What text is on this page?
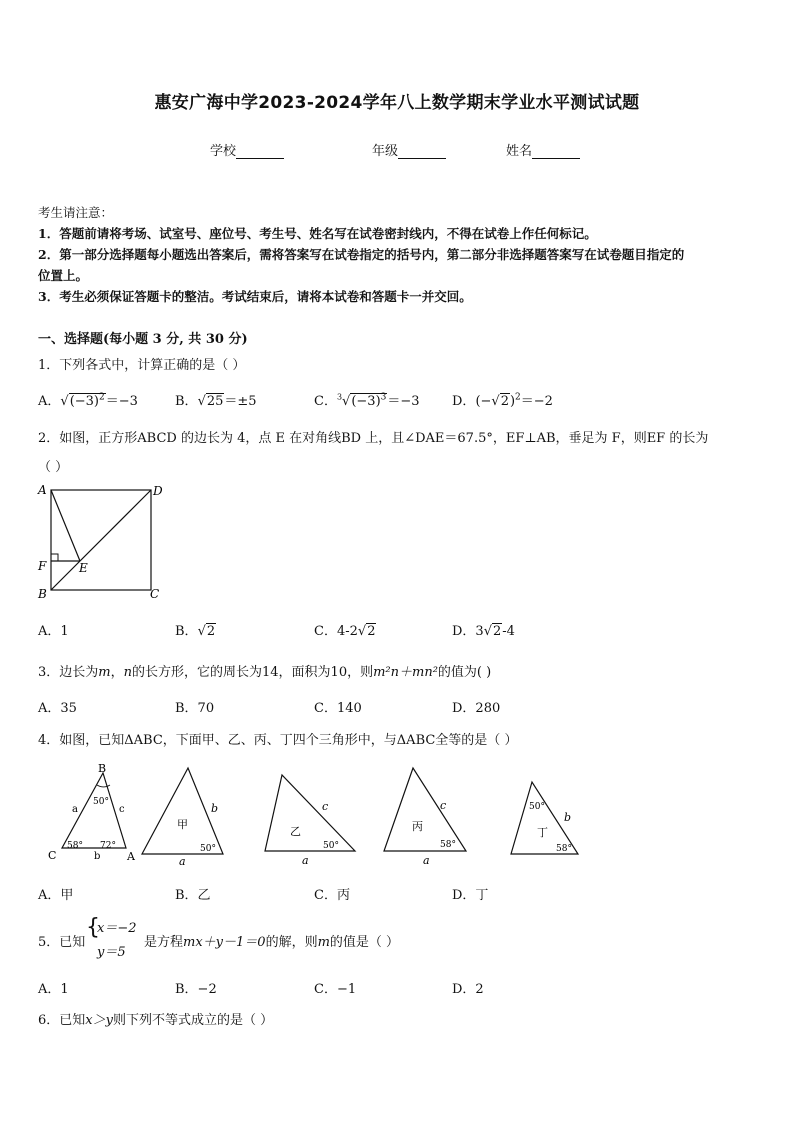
惠安广海中学2023-2024学年八上数学期末学业水平测试试题
学校	年级	姓名
考生请注意：
1．答题前请将考场、试室号、座位号、考生号、姓名写在试卷密封线内，不得在试卷上作任何标记。
2．第一部分选择题每小题选出答案后，需将答案写在试卷指定的括号内，第二部分非选择题答案写在试卷题目指定的
位置上。
3．考生必须保证答题卡的整洁。考试结束后，请将本试卷和答题卡一并交回。
一、选择题(每小题 3 分, 共 30 分)
1．下列各式中，计算正确的是（ ）
A．$√(-3)^2=-3$	B．√25＝±5	C．$^3√(-3)^3=-3$ D．$(-√2)^2=-2$
2．如图，正方形ABCD 的边长为 4，点 E 在对角线BD 上，且∠DAE＝67.5°，EF⊥AB，垂足为 F，则EF 的长为
（ ）
A	D
F	E
B	C
A．1	B．√2	C．4-2√2	D．3√2-4
3．边长为m，n的长方形，它的周长为14，面积为10，则m²n＋mn²的值为( )
A．35	B．70	C．140	D．280
4．如图，已知ΔABC，下面甲、乙、丙、丁四个三角形中，与ΔABC全等的是（ ）
B
C	A
a	c
b
50°
58° 72°
甲
b
a
50°
乙
c
a
50°
丙
c
a
58°
丁
b
50°
58°
A．甲	B．乙	C．丙	D．丁
5．已知
{
x＝−2
y＝5
是方程mx＋y－1＝0的解，则m的值是（ ）
A．1	B．−2	C．−1	D．2
6．已知x＞y则下列不等式成立的是（ ）
